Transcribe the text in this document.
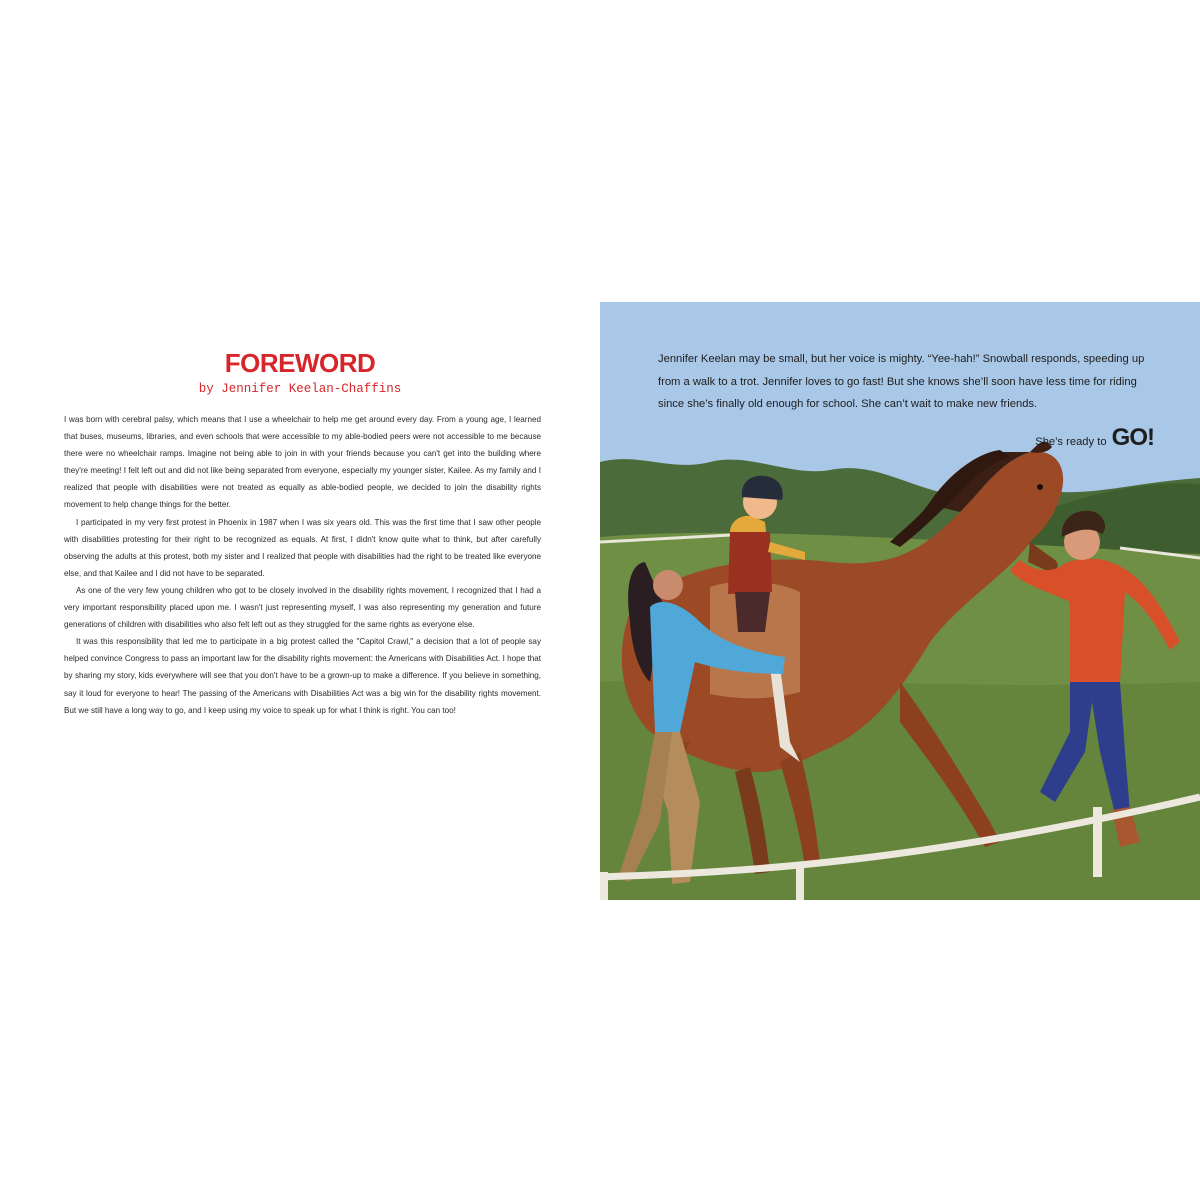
FOREWORD
by Jennifer Keelan-Chaffins

I was born with cerebral palsy, which means that I use a wheelchair to help me get around every day. From a young age, I learned that buses, museums, libraries, and even schools that were accessible to my able-bodied peers were not accessible to me because there were no wheelchair ramps. Imagine not being able to join in with your friends because you can't get into the building where they're meeting! I felt left out and did not like being separated from everyone, especially my younger sister, Kailee. As my family and I realized that people with disabilities were not treated as equally as able-bodied people, we decided to join the disability rights movement to help change things for the better.

I participated in my very first protest in Phoenix in 1987 when I was six years old. This was the first time that I saw other people with disabilities protesting for their right to be recognized as equals. At first, I didn't know quite what to think, but after carefully observing the adults at this protest, both my sister and I realized that people with disabilities had the right to be treated like everyone else, and that Kailee and I did not have to be separated.

As one of the very few young children who got to be closely involved in the disability rights movement, I recognized that I had a very important responsibility placed upon me. I wasn't just representing myself, I was also representing my generation and future generations of children with disabilities who also felt left out as they struggled for the same rights as everyone else.

It was this responsibility that led me to participate in a big protest called the "Capitol Crawl," a decision that a lot of people say helped convince Congress to pass an important law for the disability rights movement: the Americans with Disabilities Act. I hope that by sharing my story, kids everywhere will see that you don't have to be a grown-up to make a difference. If you believe in something, say it loud for everyone to hear! The passing of the Americans with Disabilities Act was a big win for the disability rights movement. But we still have a long way to go, and I keep using my voice to speak up for what I think is right. You can too!

Jennifer Keelan may be small, but her voice is mighty. “Yee-hah!” Snowball responds, speeding up from a walk to a trot. Jennifer loves to go fast! But she knows she’ll soon have less time for riding since she’s finally old enough for school. She can’t wait to make new friends.
She’s ready to GO!
